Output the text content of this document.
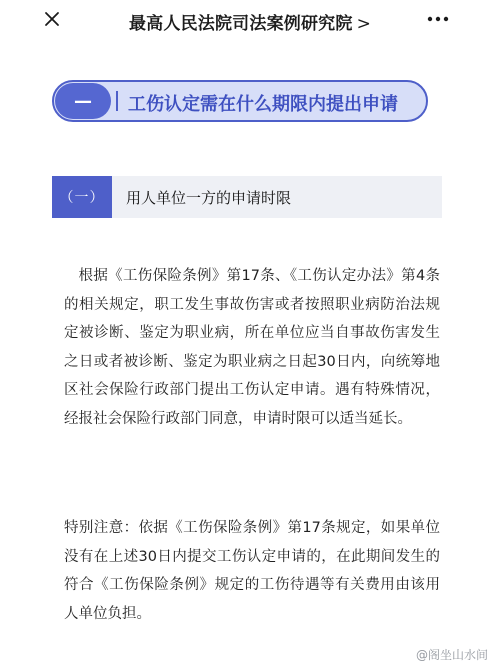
最高人民法院司法案例研究院 >
—	工伤认定需在什么期限内提出申请
（一）	用人单位一方的申请时限

根据《工伤保险条例》第17条、《工伤认定办法》第4条的相关规定，职工发生事故伤害或者按照职业病防治法规定被诊断、鉴定为职业病，所在单位应当自事故伤害发生之日或者被诊断、鉴定为职业病之日起30日内，向统筹地区社会保险行政部门提出工伤认定申请。遇有特殊情况，经报社会保险行政部门同意，申请时限可以适当延长。

特别注意：依据《工伤保险条例》第17条规定，如果单位没有在上述30日内提交工伤认定申请的，在此期间发生的符合《工伤保险条例》规定的工伤待遇等有关费用由该用人单位负担。

@阁坐山水间
